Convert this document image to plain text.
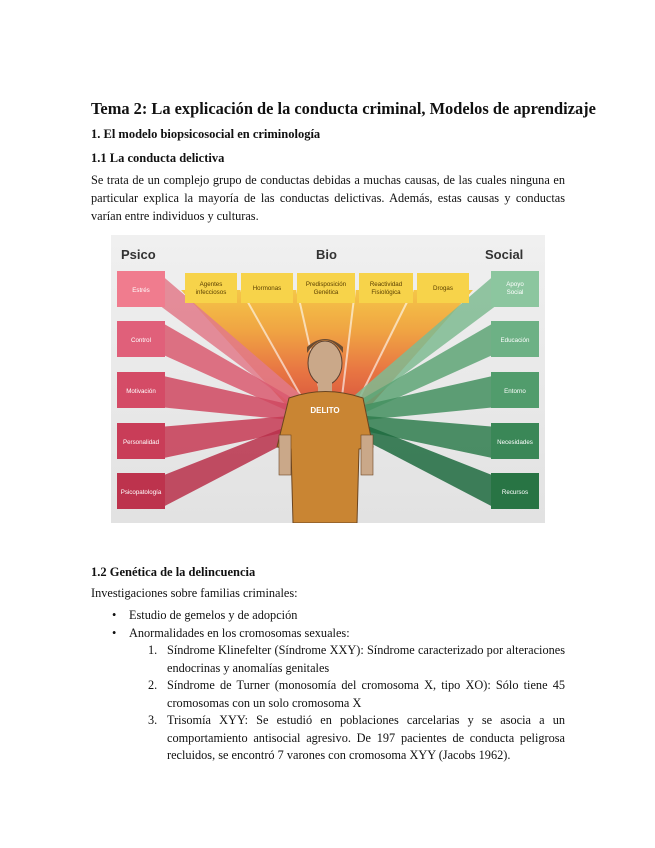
Tema 2: La explicación de la conducta criminal, Modelos de aprendizaje
1. El modelo biopsicosocial en criminología
1.1 La conducta delictiva
Se trata de un complejo grupo de conductas debidas a muchas causas, de las cuales ninguna en particular explica la mayoría de las conductas delictivas. Además, estas causas y conductas varían entre individuos y culturas.
Psico	Bio	Social
DELITO
Estrés
Control
Motivación
Personalidad
Psicopatología
Apoyo Social
Educación
Entorno
Necesidades
Recursos
Agentes infecciosos
Hormonas
Predisposición Genética
Reactividad Fisiológica
Drogas
1.2 Genética de la delincuencia
Investigaciones sobre familias criminales:
• Estudio de gemelos y de adopción
• Anormalidades en los cromosomas sexuales:
1. Síndrome Klinefelter (Síndrome XXY): Síndrome caracterizado por alteraciones endocrinas y anomalías genitales
2. Síndrome de Turner (monosomía del cromosoma X, tipo XO): Sólo tiene 45 cromosomas con un solo cromosoma X
3. Trisomía XYY: Se estudió en poblaciones carcelarias y se asocia a un comportamiento antisocial agresivo. De 197 pacientes de conducta peligrosa recluidos, se encontró 7 varones con cromosoma XYY (Jacobs 1962).
